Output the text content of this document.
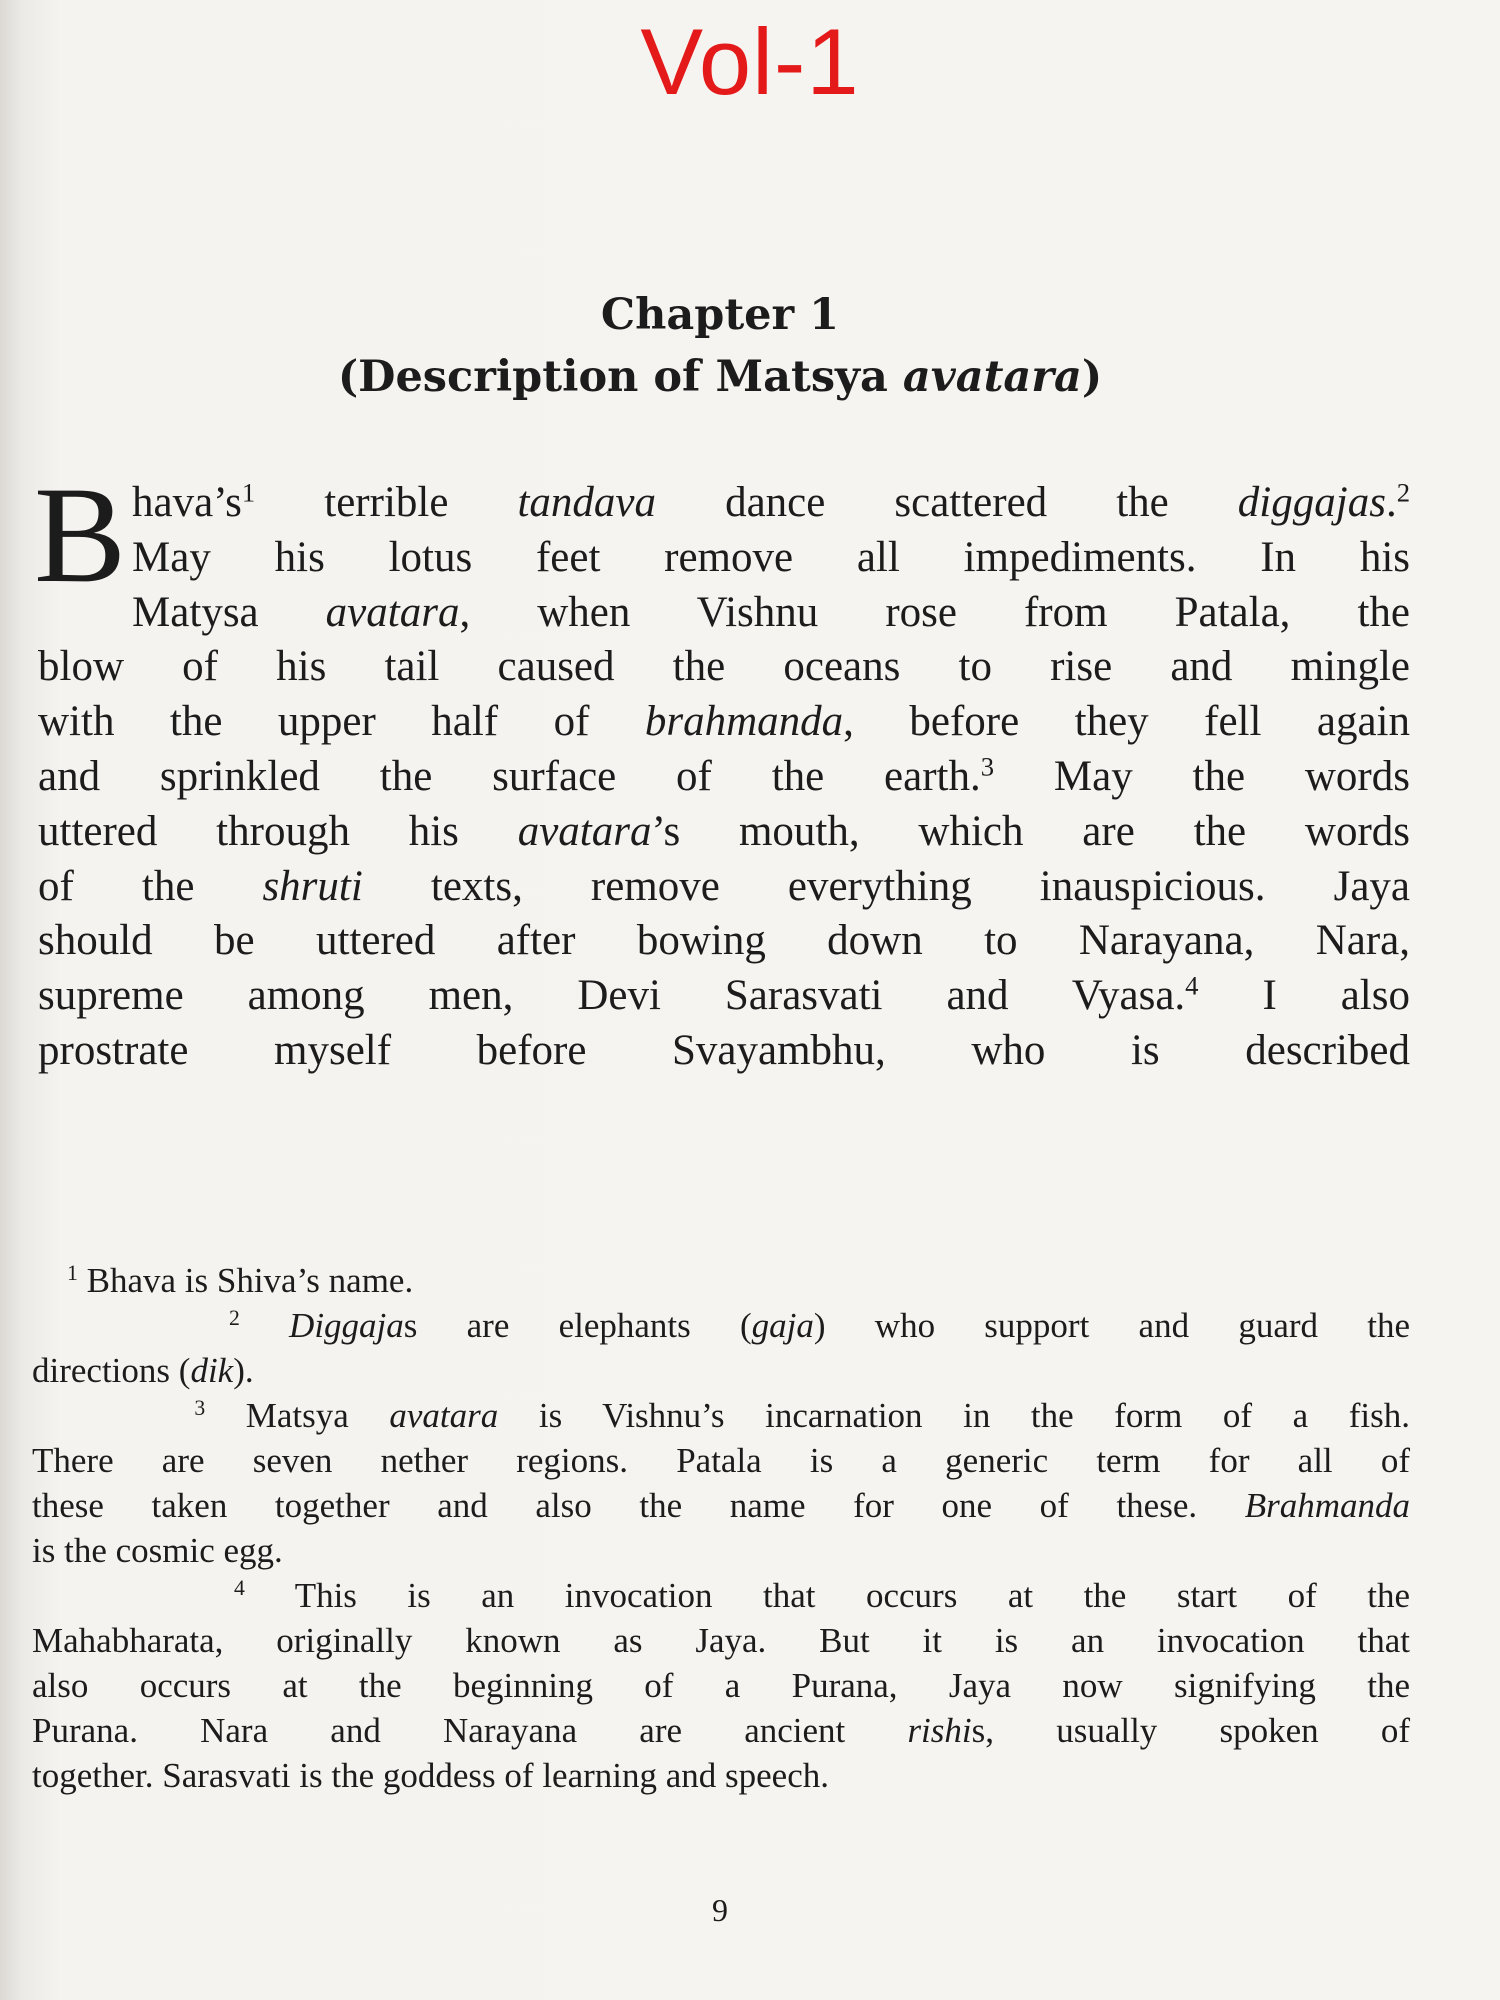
Vol-1
Chapter 1
(Description of Matsya avatara)
B $hava’s^1$ terrible tandava dance scattered the diggajas.$^2$
May his lotus feet remove all impediments. In his
Matysa avatara, when Vishnu rose from Patala, the
blow of his tail caused the oceans to rise and mingle
with the upper half of brahmanda, before they fell again
and sprinkled the surface of the earth.$^3$ May the words
uttered through his avatara’s mouth, which are the words
of the shruti texts, remove everything inauspicious. Jaya
should be uttered after bowing down to Narayana, Nara,
supreme among men, Devi Sarasvati and Vyasa.$^4$ I also
prostrate myself before Svayambhu, who is described
$^1$ Bhava is Shiva’s name.
$^2$ Diggajas are elephants (gaja) who support and guard the
directions (dik).
$^3$ Matsya avatara is Vishnu’s incarnation in the form of a fish.
There are seven nether regions. Patala is a generic term for all of
these taken together and also the name for one of these. Brahmanda
is the cosmic egg.
$^4$ This is an invocation that occurs at the start of the
Mahabharata, originally known as Jaya. But it is an invocation that
also occurs at the beginning of a Purana, Jaya now signifying the
Purana. Nara and Narayana are ancient rishis, usually spoken of
together. Sarasvati is the goddess of learning and speech.
9
